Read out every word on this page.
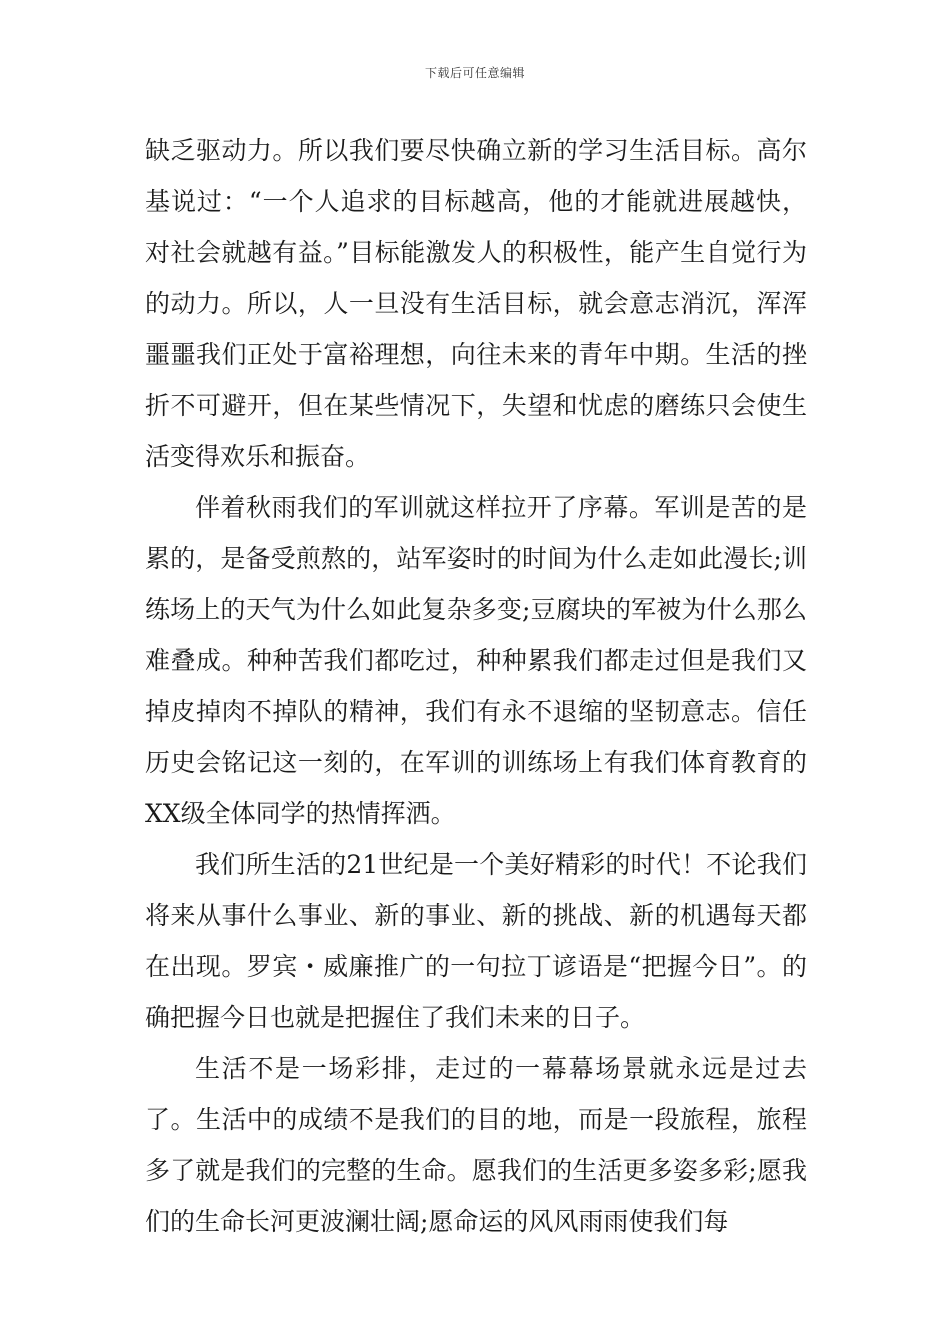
下载后可任意编辑

缺乏驱动力。所以我们要尽快确立新的学习生活目标。高尔基说过：“一个人追求的目标越高，他的才能就进展越快，对社会就越有益。”目标能激发人的积极性，能产生自觉行为的动力。所以，人一旦没有生活目标，就会意志消沉，浑浑噩噩我们正处于富裕理想，向往未来的青年中期。生活的挫折不可避开，但在某些情况下，失望和忧虑的磨练只会使生活变得欢乐和振奋。

伴着秋雨我们的军训就这样拉开了序幕。军训是苦的是累的，是备受煎熬的，站军姿时的时间为什么走如此漫长;训练场上的天气为什么如此复杂多变;豆腐块的军被为什么那么难叠成。种种苦我们都吃过，种种累我们都走过但是我们又掉皮掉肉不掉队的精神，我们有永不退缩的坚韧意志。信任历史会铭记这一刻的，在军训的训练场上有我们体育教育的XX级全体同学的热情挥洒。

我们所生活的21世纪是一个美好精彩的时代！不论我们将来从事什么事业、新的事业、新的挑战、新的机遇每天都在出现。罗宾・威廉推广的一句拉丁谚语是“把握今日”。的确把握今日也就是把握住了我们未来的日子。

生活不是一场彩排，走过的一幕幕场景就永远是过去了。生活中的成绩不是我们的目的地，而是一段旅程，旅程多了就是我们的完整的生命。愿我们的生活更多姿多彩;愿我们的生命长河更波澜壮阔;愿命运的风风雨雨使我们每
